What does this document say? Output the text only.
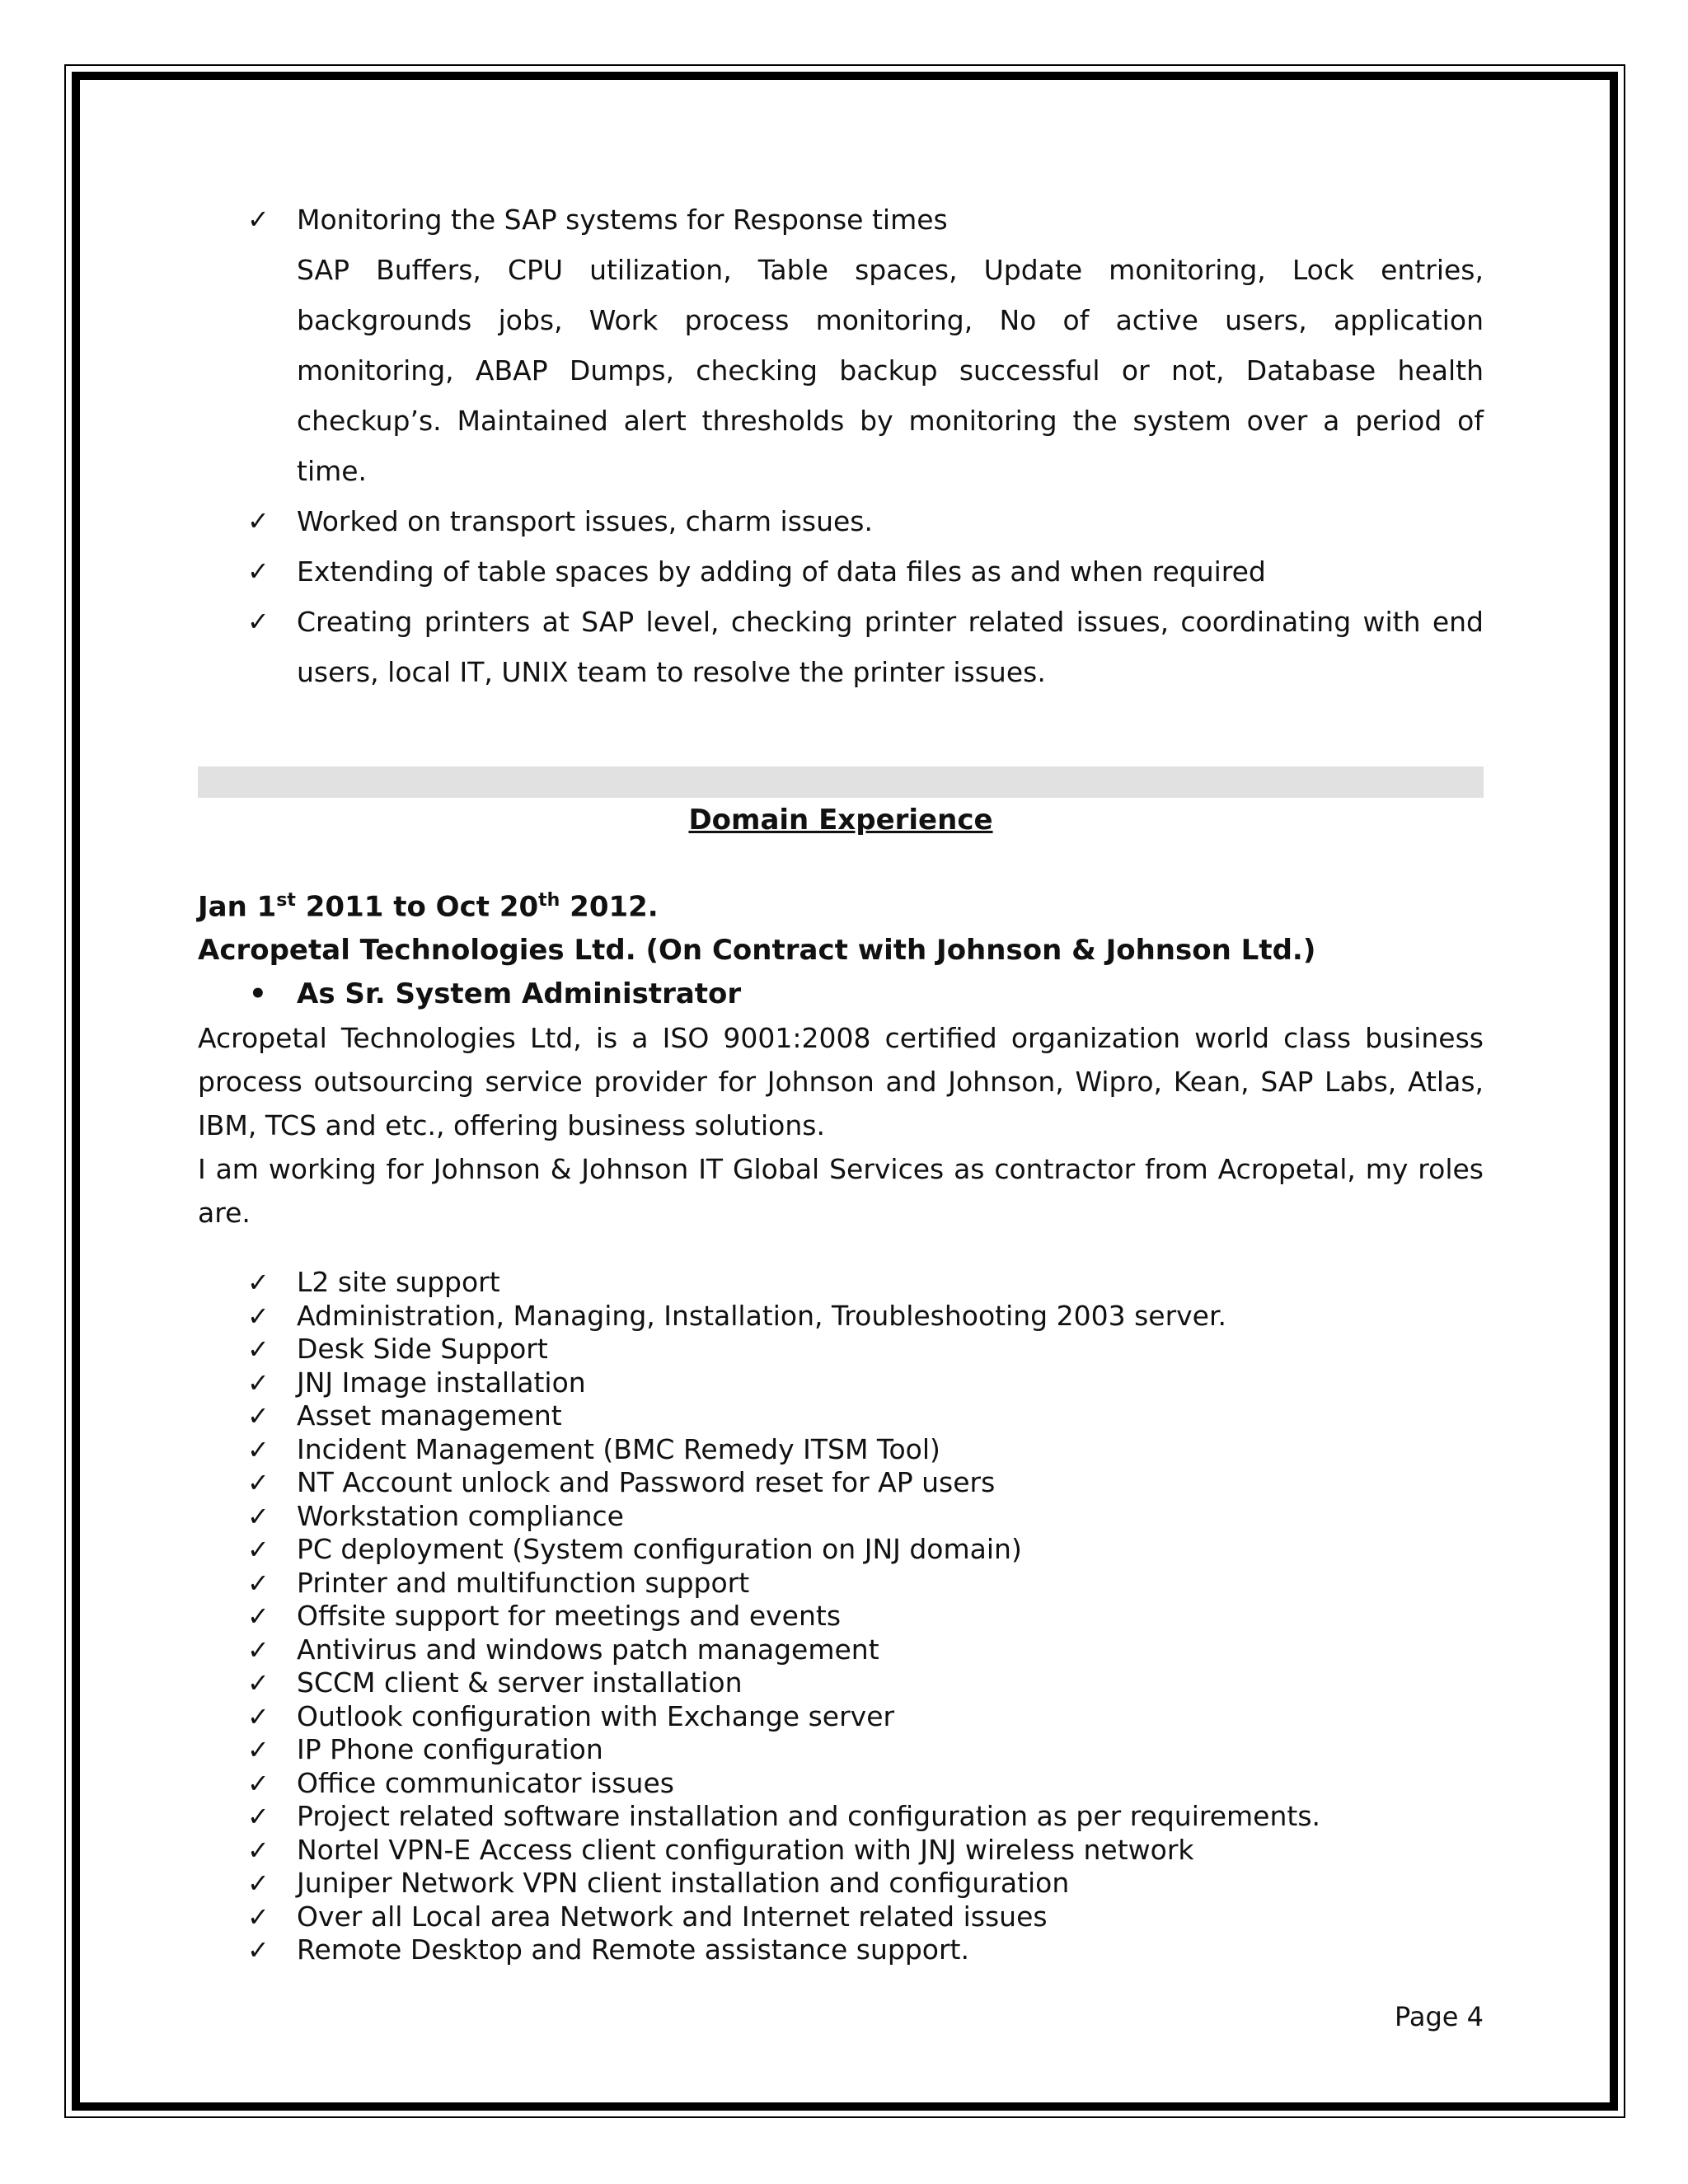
✓ Monitoring the SAP systems for Response times
SAP Buffers, CPU utilization, Table spaces, Update monitoring, Lock entries, backgrounds jobs, Work process monitoring, No of active users, application monitoring, ABAP Dumps, checking backup successful or not, Database health checkup’s. Maintained alert thresholds by monitoring the system over a period of time.
✓ Worked on transport issues, charm issues.
✓ Extending of table spaces by adding of data files as and when required
✓ Creating printers at SAP level, checking printer related issues, coordinating with end users, local IT, UNIX team to resolve the printer issues.
Domain Experience
Jan 1st 2011 to Oct 20th 2012.
Acropetal Technologies Ltd. (On Contract with Johnson & Johnson Ltd.)
• As Sr. System Administrator

Acropetal Technologies Ltd, is a ISO 9001:2008 certified organization world class business process outsourcing service provider for Johnson and Johnson, Wipro, Kean, SAP Labs, Atlas, IBM, TCS and etc., offering business solutions.

I am working for Johnson & Johnson IT Global Services as contractor from Acropetal, my roles are.

✓ L2 site support
✓ Administration, Managing, Installation, Troubleshooting 2003 server.
✓ Desk Side Support
✓ JNJ Image installation
✓ Asset management
✓ Incident Management (BMC Remedy ITSM Tool)
✓ NT Account unlock and Password reset for AP users
✓ Workstation compliance
✓ PC deployment (System configuration on JNJ domain)
✓ Printer and multifunction support
✓ Offsite support for meetings and events
✓ Antivirus and windows patch management
✓ SCCM client & server installation
✓ Outlook configuration with Exchange server
✓ IP Phone configuration
✓ Office communicator issues
✓ Project related software installation and configuration as per requirements.
✓ Nortel VPN-E Access client configuration with JNJ wireless network
✓ Juniper Network VPN client installation and configuration
✓ Over all Local area Network and Internet related issues
✓ Remote Desktop and Remote assistance support.
Page 4
